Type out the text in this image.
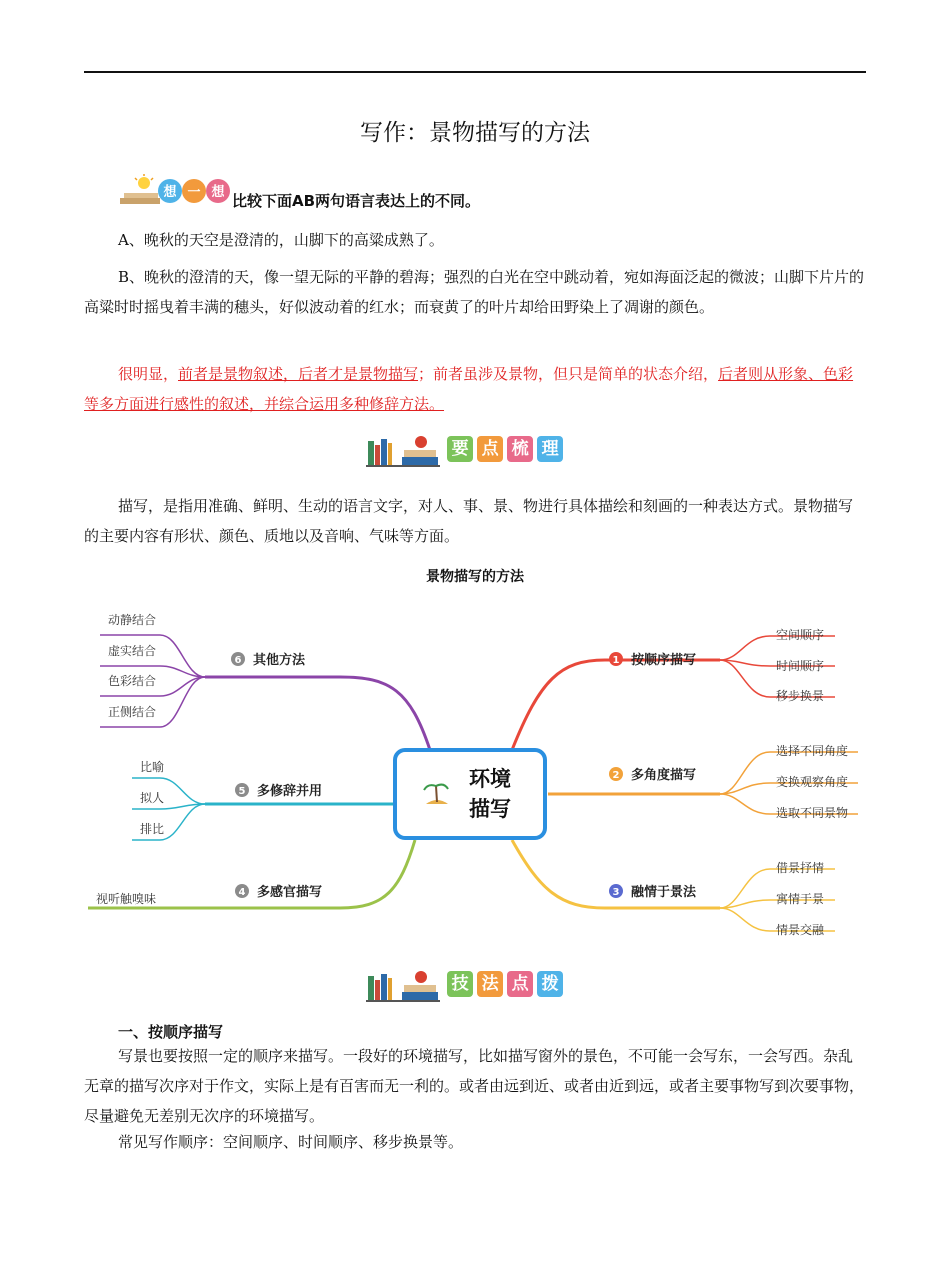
写作：景物描写的方法
想 一 想 比较下面AB两句语言表达上的不同。
A、晚秋的天空是澄清的，山脚下的高粱成熟了。
B、晚秋的澄清的天，像一望无际的平静的碧海；强烈的白光在空中跳动着，宛如海面泛起的微波；山脚下片片的高粱时时摇曳着丰满的穗头，好似波动着的红水；而衰黄了的叶片却给田野染上了凋谢的颜色。
很明显，前者是景物叙述，后者才是景物描写；前者虽涉及景物，但只是简单的状态介绍，后者则从形象、色彩等多方面进行感性的叙述，并综合运用多种修辞方法。
要 点 梳 理
描写，是指用准确、鲜明、生动的语言文字，对人、事、景、物进行具体描绘和刻画的一种表达方式。景物描写的主要内容有形状、颜色、质地以及音响、气味等方面。
景物描写的方法
环境
描写
1 按顺序描写
空间顺序
时间顺序
移步换景
2 多角度描写
选择不同角度
变换观察角度
选取不同景物
3 融情于景法
借景抒情
寓情于景
情景交融
6 其他方法
动静结合
虚实结合
色彩结合
正侧结合
5 多修辞并用
比喻
拟人
排比
4 多感官描写
视听触嗅味
技 法 点 拨
一、按顺序描写
写景也要按照一定的顺序来描写。一段好的环境描写，比如描写窗外的景色，不可能一会写东，一会写西。杂乱无章的描写次序对于作文，实际上是有百害而无一利的。或者由远到近、或者由近到远，或者主要事物写到次要事物，尽量避免无差别无次序的环境描写。
常见写作顺序：空间顺序、时间顺序、移步换景等。
